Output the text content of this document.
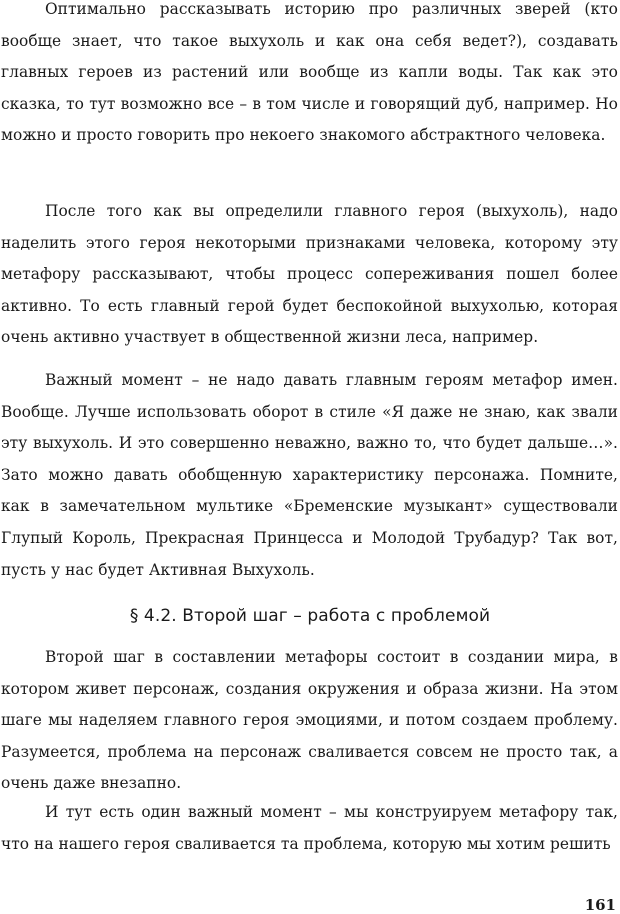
Оптимально рассказывать историю про различных зверей (кто вообще знает, что такое выхухоль и как она себя ведет?), создавать главных героев из растений или вообще из капли воды. Так как это сказка, то тут возможно все – в том числе и говорящий дуб, например. Но можно и просто говорить про некоего знакомого абстрактного человека.

После того как вы определили главного героя (выхухоль), надо наделить этого героя некоторыми признаками человека, которому эту метафору рассказывают, чтобы процесс сопереживания пошел более активно. То есть главный герой будет беспокойной выхухолью, которая очень активно участвует в общественной жизни леса, например.

Важный момент – не надо давать главным героям метафор имен. Вообще. Лучше использовать оборот в стиле «Я даже не знаю, как звали эту выхухоль. И это совершенно неважно, важно то, что будет дальше…». Зато можно давать обобщенную характеристику персонажа. Помните, как в замечательном мультике «Бременские музыкант» существовали Глупый Король, Прекрасная Принцесса и Молодой Трубадур? Так вот, пусть у нас будет Активная Выхухоль.

§ 4.2. Второй шаг – работа с проблемой

Второй шаг в составлении метафоры состоит в создании мира, в котором живет персонаж, создания окружения и образа жизни. На этом шаге мы наделяем главного героя эмоциями, и потом создаем проблему. Разумеется, проблема на персонаж сваливается совсем не просто так, а очень даже внезапно.

И тут есть один важный момент – мы конструируем метафору так, что на нашего героя сваливается та проблема, которую мы хотим решить

161
